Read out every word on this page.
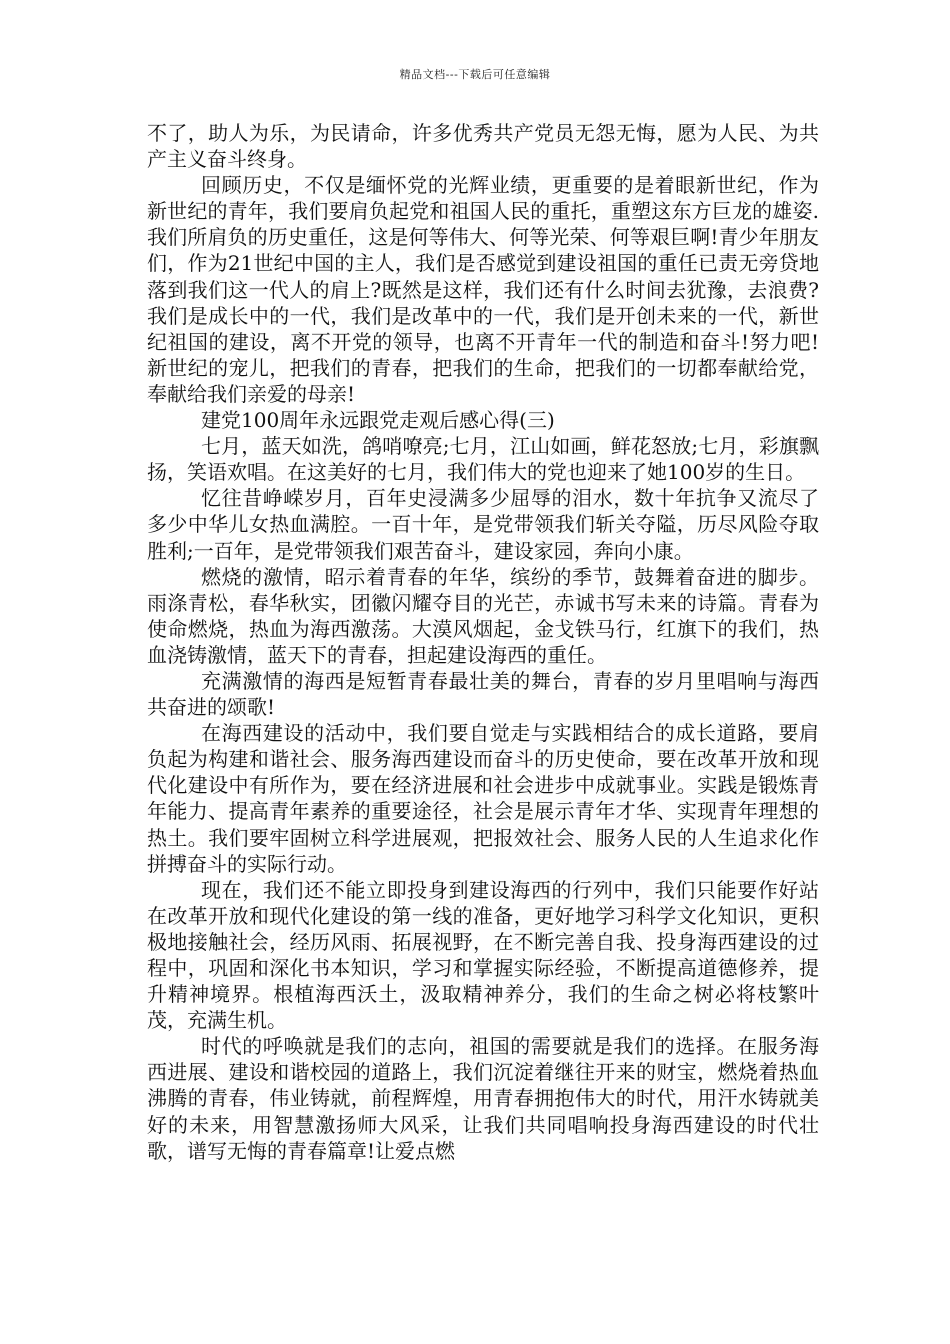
精品文档---下载后可任意编辑

不了，助人为乐，为民请命，许多优秀共产党员无怨无悔，愿为人民、为共产主义奋斗终身。

回顾历史，不仅是缅怀党的光辉业绩，更重要的是着眼新世纪，作为新世纪的青年，我们要肩负起党和祖国人民的重托，重塑这东方巨龙的雄姿.我们所肩负的历史重任，这是何等伟大、何等光荣、何等艰巨啊!青少年朋友们，作为21世纪中国的主人，我们是否感觉到建设祖国的重任已责无旁贷地落到我们这一代人的肩上?既然是这样，我们还有什么时间去犹豫，去浪费?我们是成长中的一代，我们是改革中的一代，我们是开创未来的一代，新世纪祖国的建设，离不开党的领导，也离不开青年一代的制造和奋斗!努力吧!新世纪的宠儿，把我们的青春，把我们的生命，把我们的一切都奉献给党，奉献给我们亲爱的母亲!

建党100周年永远跟党走观后感心得(三)

七月，蓝天如洗，鸽哨嘹亮;七月，江山如画，鲜花怒放;七月，彩旗飘扬，笑语欢唱。在这美好的七月，我们伟大的党也迎来了她100岁的生日。

忆往昔峥嵘岁月，百年史浸满多少屈辱的泪水，数十年抗争又流尽了多少中华儿女热血满腔。一百十年，是党带领我们斩关夺隘，历尽风险夺取胜利;一百年，是党带领我们艰苦奋斗，建设家园，奔向小康。

燃烧的激情，昭示着青春的年华，缤纷的季节，鼓舞着奋进的脚步。雨涤青松，春华秋实，团徽闪耀夺目的光芒，赤诚书写未来的诗篇。青春为使命燃烧，热血为海西激荡。大漠风烟起，金戈铁马行，红旗下的我们，热血浇铸激情，蓝天下的青春，担起建设海西的重任。

充满激情的海西是短暂青春最壮美的舞台，青春的岁月里唱响与海西共奋进的颂歌!

在海西建设的活动中，我们要自觉走与实践相结合的成长道路，要肩负起为构建和谐社会、服务海西建设而奋斗的历史使命，要在改革开放和现代化建设中有所作为，要在经济进展和社会进步中成就事业。实践是锻炼青年能力、提高青年素养的重要途径，社会是展示青年才华、实现青年理想的热土。我们要牢固树立科学进展观，把报效社会、服务人民的人生追求化作拼搏奋斗的实际行动。

现在，我们还不能立即投身到建设海西的行列中，我们只能要作好站在改革开放和现代化建设的第一线的准备，更好地学习科学文化知识，更积极地接触社会，经历风雨、拓展视野，在不断完善自我、投身海西建设的过程中，巩固和深化书本知识，学习和掌握实际经验，不断提高道德修养，提升精神境界。根植海西沃土，汲取精神养分，我们的生命之树必将枝繁叶茂，充满生机。

时代的呼唤就是我们的志向，祖国的需要就是我们的选择。在服务海西进展、建设和谐校园的道路上，我们沉淀着继往开来的财宝，燃烧着热血沸腾的青春，伟业铸就，前程辉煌，用青春拥抱伟大的时代，用汗水铸就美好的未来，用智慧激扬师大风采，让我们共同唱响投身海西建设的时代壮歌，谱写无悔的青春篇章!让爱点燃
